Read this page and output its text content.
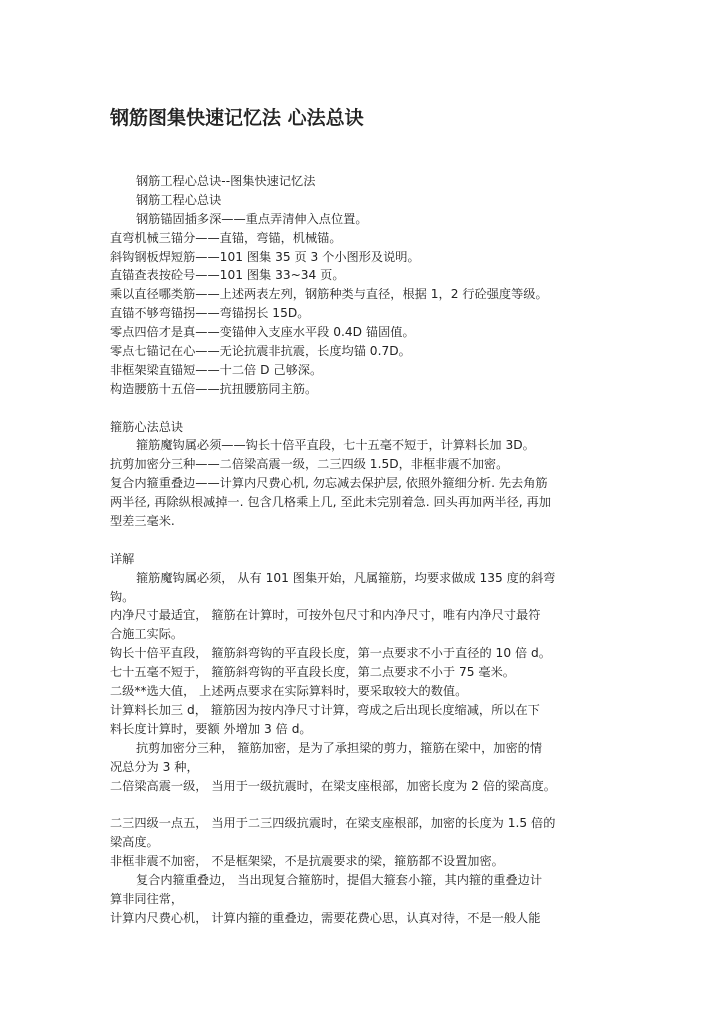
钢筋图集快速记忆法 心法总诀
钢筋工程心总诀--图集快速记忆法
钢筋工程心总诀
钢筋锚固插多深——重点弄清伸入点位置。
直弯机械三锚分——直锚，弯锚，机械锚。
斜钩钢板焊短筋——101 图集 35 页 3 个小图形及说明。
直锚查表按砼号——101 图集 33~34 页。
乘以直径哪类筋——上述两表左列，钢筋种类与直径，根据 1，2 行砼强度等级。
直锚不够弯锚拐——弯锚拐长 15D。
零点四倍才是真——变锚伸入支座水平段 0.4D 锚固值。
零点七锚记在心——无论抗震非抗震，长度均锚 0.7D。
非框架梁直锚短——十二倍 D 己够深。
构造腰筋十五倍——抗扭腰筋同主筋。
箍筋心法总诀
箍筋魔钩属必须——钩长十倍平直段，七十五毫不短于，计算料长加 3D。
抗剪加密分三种——二倍梁高震一级，二三四级 1.5D，非框非震不加密。
复合内箍重叠边——计算内尺费心机, 勿忘减去保护层, 依照外箍细分析. 先去角筋
两半径, 再除纵根减掉一. 包含几格乘上几, 至此未完别着急. 回头再加两半径, 再加
型差三毫米.
详解
箍筋魔钩属必须， 从有 101 图集开始，凡属箍筋，均要求做成 135 度的斜弯
钩。
内净尺寸最适宜， 箍筋在计算时，可按外包尺寸和内净尺寸，唯有内净尺寸最符
合施工实际。
钩长十倍平直段， 箍筋斜弯钩的平直段长度，第一点要求不小于直径的 10 倍 d。
七十五毫不短于， 箍筋斜弯钩的平直段长度，第二点要求不小于 75 毫米。
二级**选大值， 上述两点要求在实际算料时，要采取较大的数值。
计算料长加三 d， 箍筋因为按内净尺寸计算，弯成之后出现长度缩减，所以在下
料长度计算时，要额 外增加 3 倍 d。
抗剪加密分三种， 箍筋加密，是为了承担梁的剪力，箍筋在梁中，加密的情
况总分为 3 种，
二倍梁高震一级， 当用于一级抗震时，在梁支座根部，加密长度为 2 倍的梁高度。
二三四级一点五， 当用于二三四级抗震时，在梁支座根部，加密的长度为 1.5 倍的
梁高度。
非框非震不加密， 不是框架梁，不是抗震要求的梁，箍筋都不设置加密。
复合内箍重叠边， 当出现复合箍筋时，提倡大箍套小箍，其内箍的重叠边计
算非同往常，
计算内尺费心机， 计算内箍的重叠边，需要花费心思，认真对待，不是一般人能
